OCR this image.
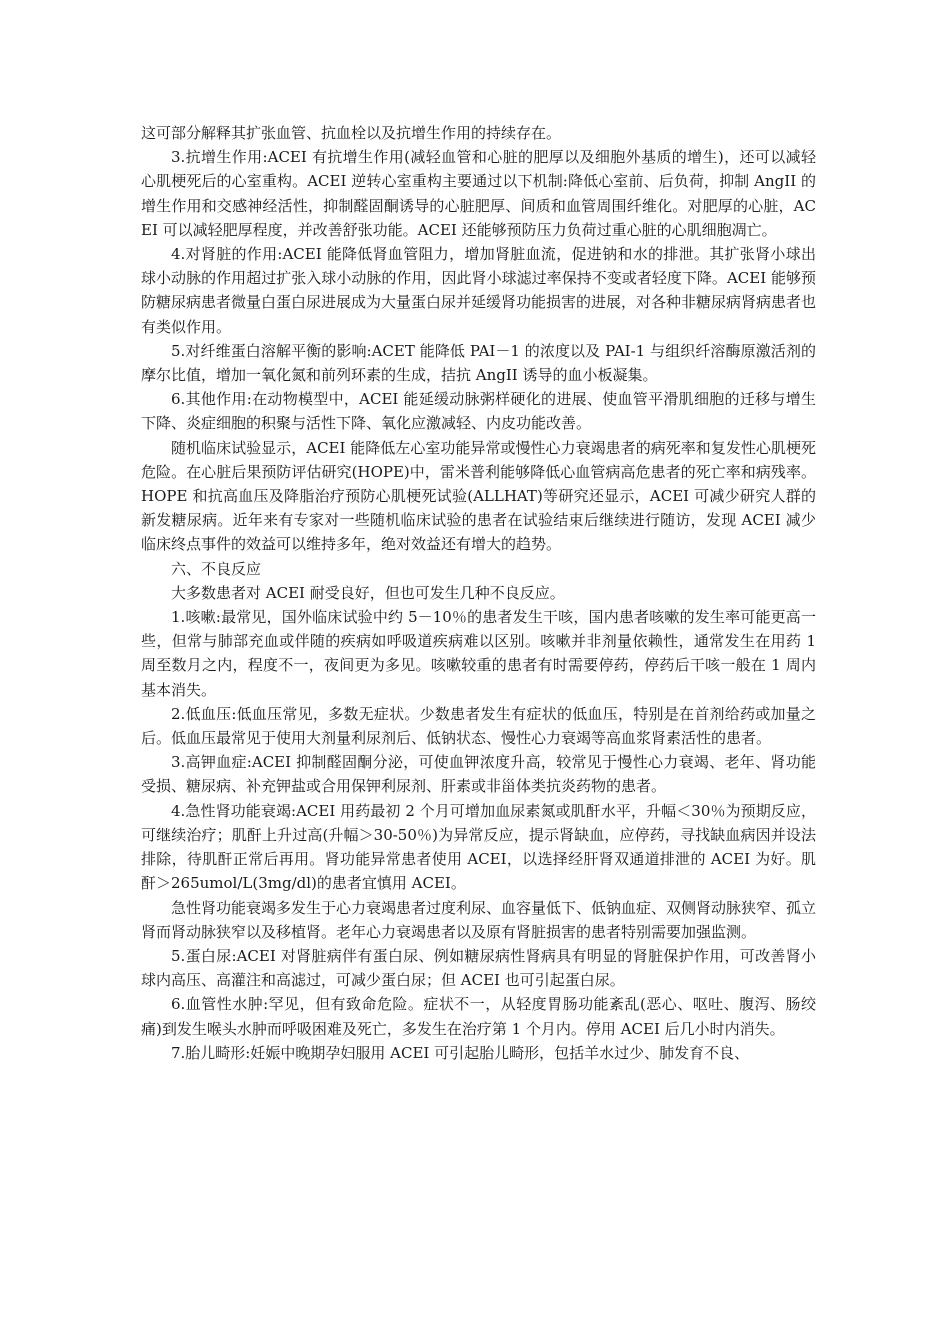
这可部分解释其扩张血管、抗血栓以及抗增生作用的持续存在。

3.抗增生作用:ACEI 有抗增生作用(减轻血管和心脏的肥厚以及细胞外基质的增生)，还可以减轻心肌梗死后的心室重构。ACEI 逆转心室重构主要通过以下机制:降低心室前、后负荷，抑制 AngII 的增生作用和交感神经活性，抑制醛固酮诱导的心脏肥厚、间质和血管周围纤维化。对肥厚的心脏，ACEI 可以减轻肥厚程度，并改善舒张功能。ACEI 还能够预防压力负荷过重心脏的心肌细胞凋亡。

4.对肾脏的作用:ACEI 能降低肾血管阻力，增加肾脏血流，促进钠和水的排泄。其扩张肾小球出球小动脉的作用超过扩张入球小动脉的作用，因此肾小球滤过率保持不变或者轻度下降。ACEI 能够预防糖尿病患者微量白蛋白尿进展成为大量蛋白尿并延缓肾功能损害的进展，对各种非糖尿病肾病患者也有类似作用。

5.对纤维蛋白溶解平衡的影响:ACET 能降低 PAI－1 的浓度以及 PAI-1 与组织纤溶酶原激活剂的摩尔比值，增加一氧化氮和前列环素的生成，拮抗 AngII 诱导的血小板凝集。

6.其他作用:在动物模型中，ACEI 能延缓动脉粥样硬化的进展、使血管平滑肌细胞的迁移与增生下降、炎症细胞的积聚与活性下降、氧化应激减轻、内皮功能改善。

随机临床试验显示，ACEI 能降低左心室功能异常或慢性心力衰竭患者的病死率和复发性心肌梗死危险。在心脏后果预防评估研究(HOPE)中，雷米普利能够降低心血管病高危患者的死亡率和病残率。HOPE 和抗高血压及降脂治疗预防心肌梗死试验(ALLHAT)等研究还显示，ACEI 可减少研究人群的新发糖尿病。近年来有专家对一些随机临床试验的患者在试验结束后继续进行随访，发现 ACEI 减少临床终点事件的效益可以维持多年，绝对效益还有增大的趋势。

六、不良反应

大多数患者对 ACEI 耐受良好，但也可发生几种不良反应。

1.咳嗽:最常见，国外临床试验中约 5－10％的患者发生干咳，国内患者咳嗽的发生率可能更高一些，但常与肺部充血或伴随的疾病如呼吸道疾病难以区别。咳嗽并非剂量依赖性，通常发生在用药 1 周至数月之内，程度不一，夜间更为多见。咳嗽较重的患者有时需要停药，停药后干咳一般在 1 周内基本消失。

2.低血压:低血压常见，多数无症状。少数患者发生有症状的低血压，特别是在首剂给药或加量之后。低血压最常见于使用大剂量利尿剂后、低钠状态、慢性心力衰竭等高血浆肾素活性的患者。

3.高钾血症:ACEI 抑制醛固酮分泌，可使血钾浓度升高，较常见于慢性心力衰竭、老年、肾功能受损、糖尿病、补充钾盐或合用保钾利尿剂、肝素或非甾体类抗炎药物的患者。

4.急性肾功能衰竭:ACEI 用药最初 2 个月可增加血尿素氮或肌酐水平，升幅＜30％为预期反应，可继续治疗；肌酐上升过高(升幅＞30-50％)为异常反应，提示肾缺血，应停药，寻找缺血病因并设法排除，待肌酐正常后再用。肾功能异常患者使用 ACEI，以选择经肝肾双通道排泄的 ACEI 为好。肌酐＞265umol/L(3mg/dl)的患者宜慎用 ACEI。

急性肾功能衰竭多发生于心力衰竭患者过度利尿、血容量低下、低钠血症、双侧肾动脉狭窄、孤立肾而肾动脉狭窄以及移植肾。老年心力衰竭患者以及原有肾脏损害的患者特别需要加强监测。

5.蛋白尿:ACEI 对肾脏病伴有蛋白尿、例如糖尿病性肾病具有明显的肾脏保护作用，可改善肾小球内高压、高灌注和高滤过，可减少蛋白尿；但 ACEI 也可引起蛋白尿。

6.血管性水肿:罕见，但有致命危险。症状不一，从轻度胃肠功能紊乱(恶心、呕吐、腹泻、肠绞痛)到发生喉头水肿而呼吸困难及死亡，多发生在治疗第 1 个月内。停用 ACEI 后几小时内消失。

7.胎儿畸形:妊娠中晚期孕妇服用 ACEI 可引起胎儿畸形，包括羊水过少、肺发育不良、
